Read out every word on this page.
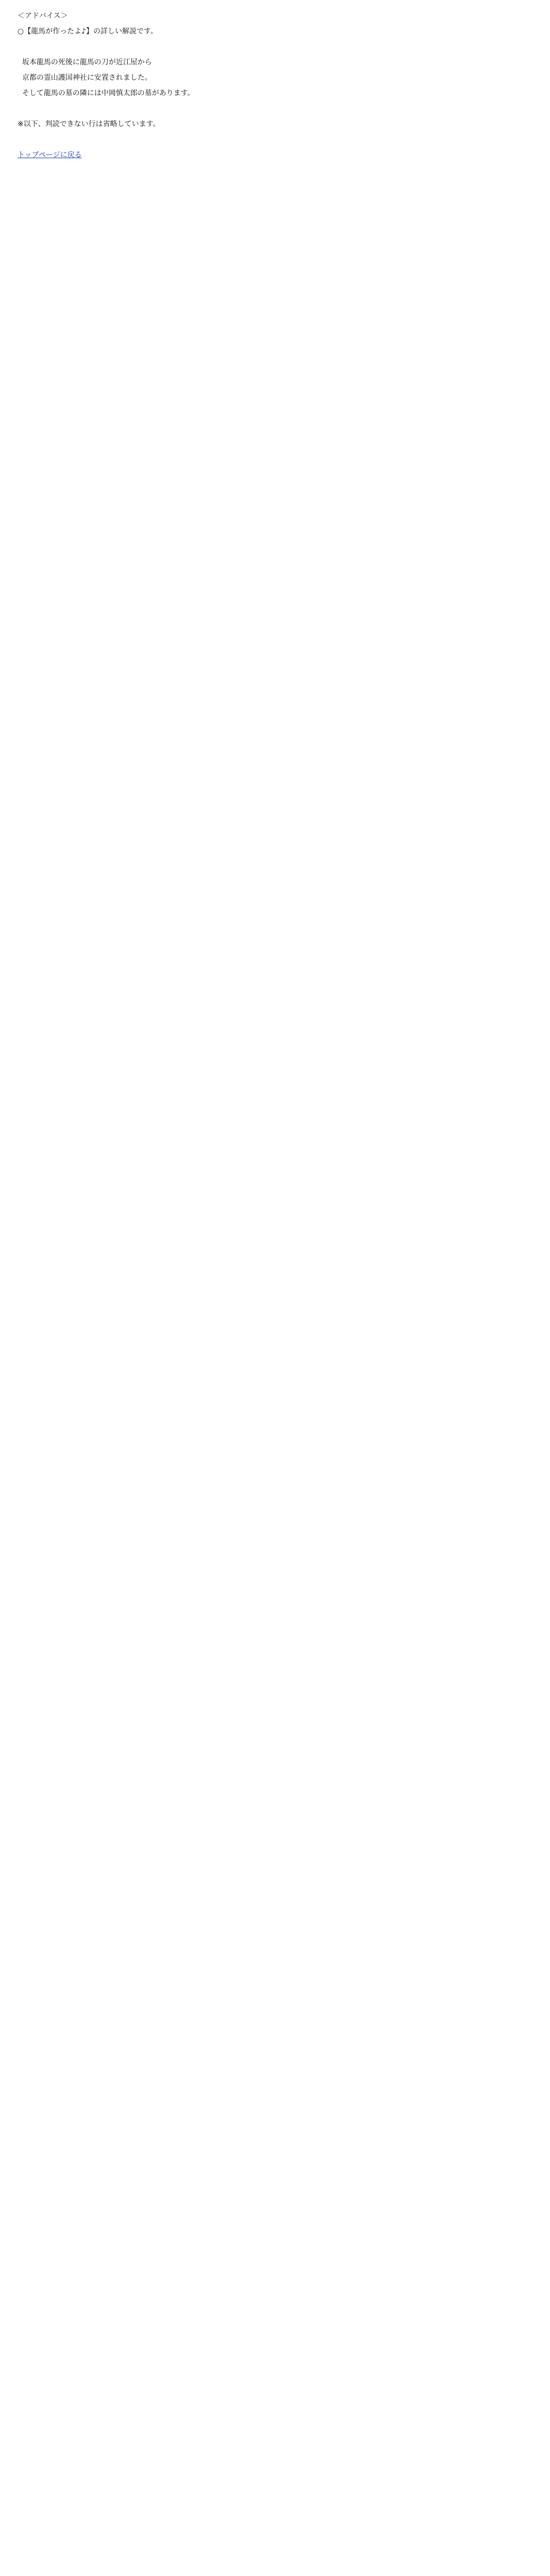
＜アドバイス＞
○【龍馬が作ったよ♪】の詳しい解説です。
坂本龍馬の死後に龍馬の刀が近江屋から
京都の霊山護国神社に安置されました。
そして龍馬の墓の隣には中岡慎太郎の墓があります。
※以下、判読できない行は省略しています。
トップページに戻る
